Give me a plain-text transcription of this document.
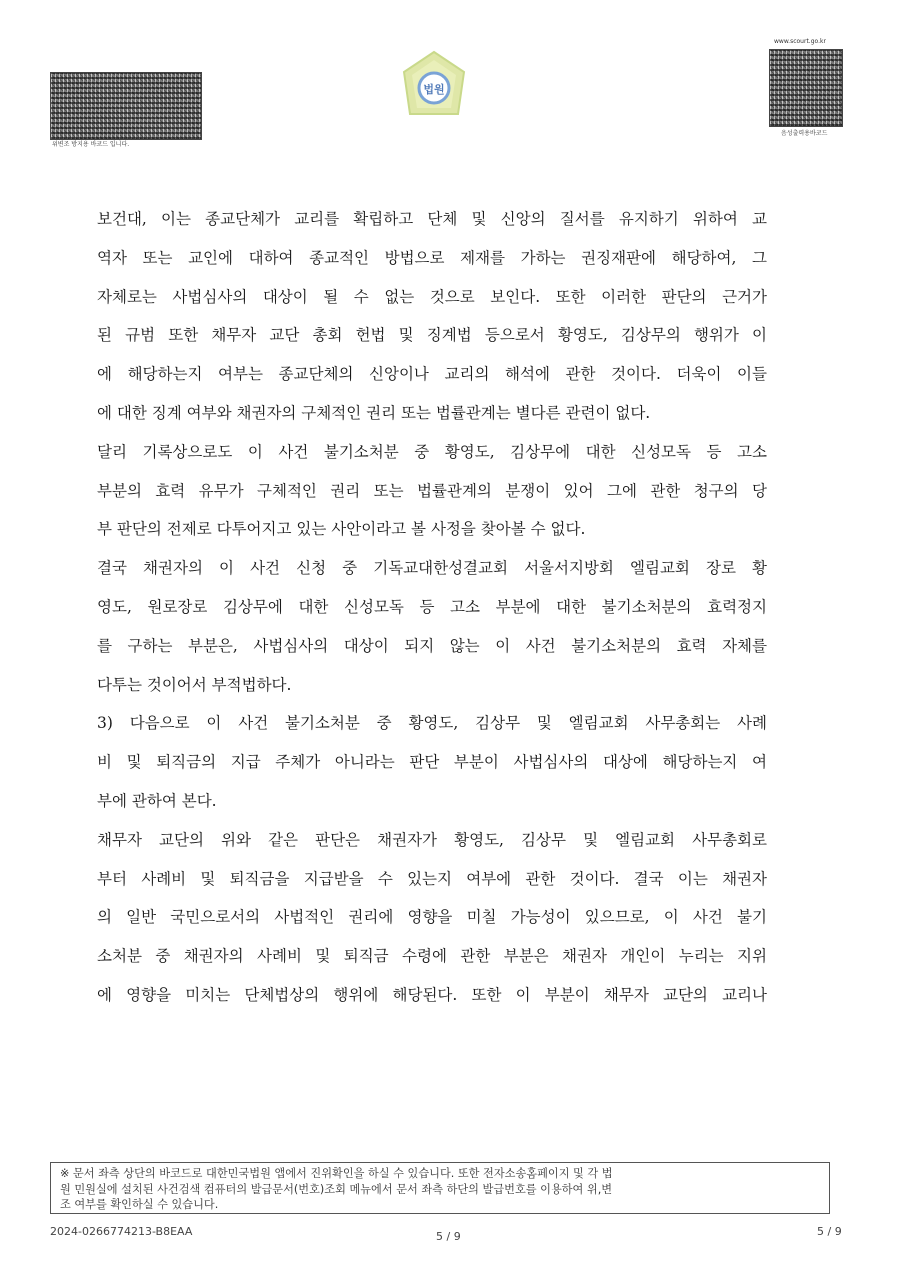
위변조 방지용 바코드 입니다.
법원
www.scourt.go.kr
음성출력용바코드
보건대, 이는 종교단체가 교리를 확립하고 단체 및 신앙의 질서를 유지하기 위하여 교
역자 또는 교인에 대하여 종교적인 방법으로 제재를 가하는 권징재판에 해당하여, 그
자체로는 사법심사의 대상이 될 수 없는 것으로 보인다. 또한 이러한 판단의 근거가
된 규범 또한 채무자 교단 총회 헌법 및 징계법 등으로서 황영도, 김상무의 행위가 이
에 해당하는지 여부는 종교단체의 신앙이나 교리의 해석에 관한 것이다. 더욱이 이들
에 대한 징계 여부와 채권자의 구체적인 권리 또는 법률관계는 별다른 관련이 없다.
달리 기록상으로도 이 사건 불기소처분 중 황영도, 김상무에 대한 신성모독 등 고소
부분의 효력 유무가 구체적인 권리 또는 법률관계의 분쟁이 있어 그에 관한 청구의 당
부 판단의 전제로 다투어지고 있는 사안이라고 볼 사정을 찾아볼 수 없다.
결국 채권자의 이 사건 신청 중 기독교대한성결교회 서울서지방회 엘림교회 장로 황
영도, 원로장로 김상무에 대한 신성모독 등 고소 부분에 대한 불기소처분의 효력정지
를 구하는 부분은, 사법심사의 대상이 되지 않는 이 사건 불기소처분의 효력 자체를
다투는 것이어서 부적법하다.
3) 다음으로 이 사건 불기소처분 중 황영도, 김상무 및 엘림교회 사무총회는 사례
비 및 퇴직금의 지급 주체가 아니라는 판단 부분이 사법심사의 대상에 해당하는지 여
부에 관하여 본다.
채무자 교단의 위와 같은 판단은 채권자가 황영도, 김상무 및 엘림교회 사무총회로
부터 사례비 및 퇴직금을 지급받을 수 있는지 여부에 관한 것이다. 결국 이는 채권자
의 일반 국민으로서의 사법적인 권리에 영향을 미칠 가능성이 있으므로, 이 사건 불기
소처분 중 채권자의 사례비 및 퇴직금 수령에 관한 부분은 채권자 개인이 누리는 지위
에 영향을 미치는 단체법상의 행위에 해당된다. 또한 이 부분이 채무자 교단의 교리나
※ 문서 좌측 상단의 바코드로 대한민국법원 앱에서 진위확인을 하실 수 있습니다. 또한 전자소송홈페이지 및 각 법
원 민원실에 설치된 사건검색 컴퓨터의 발급문서(번호)조회 메뉴에서 문서 좌측 하단의 발급번호를 이용하여 위,변
조 여부를 확인하실 수 있습니다.
2024-0266774213-B8EAA	5 / 9	5 / 9
